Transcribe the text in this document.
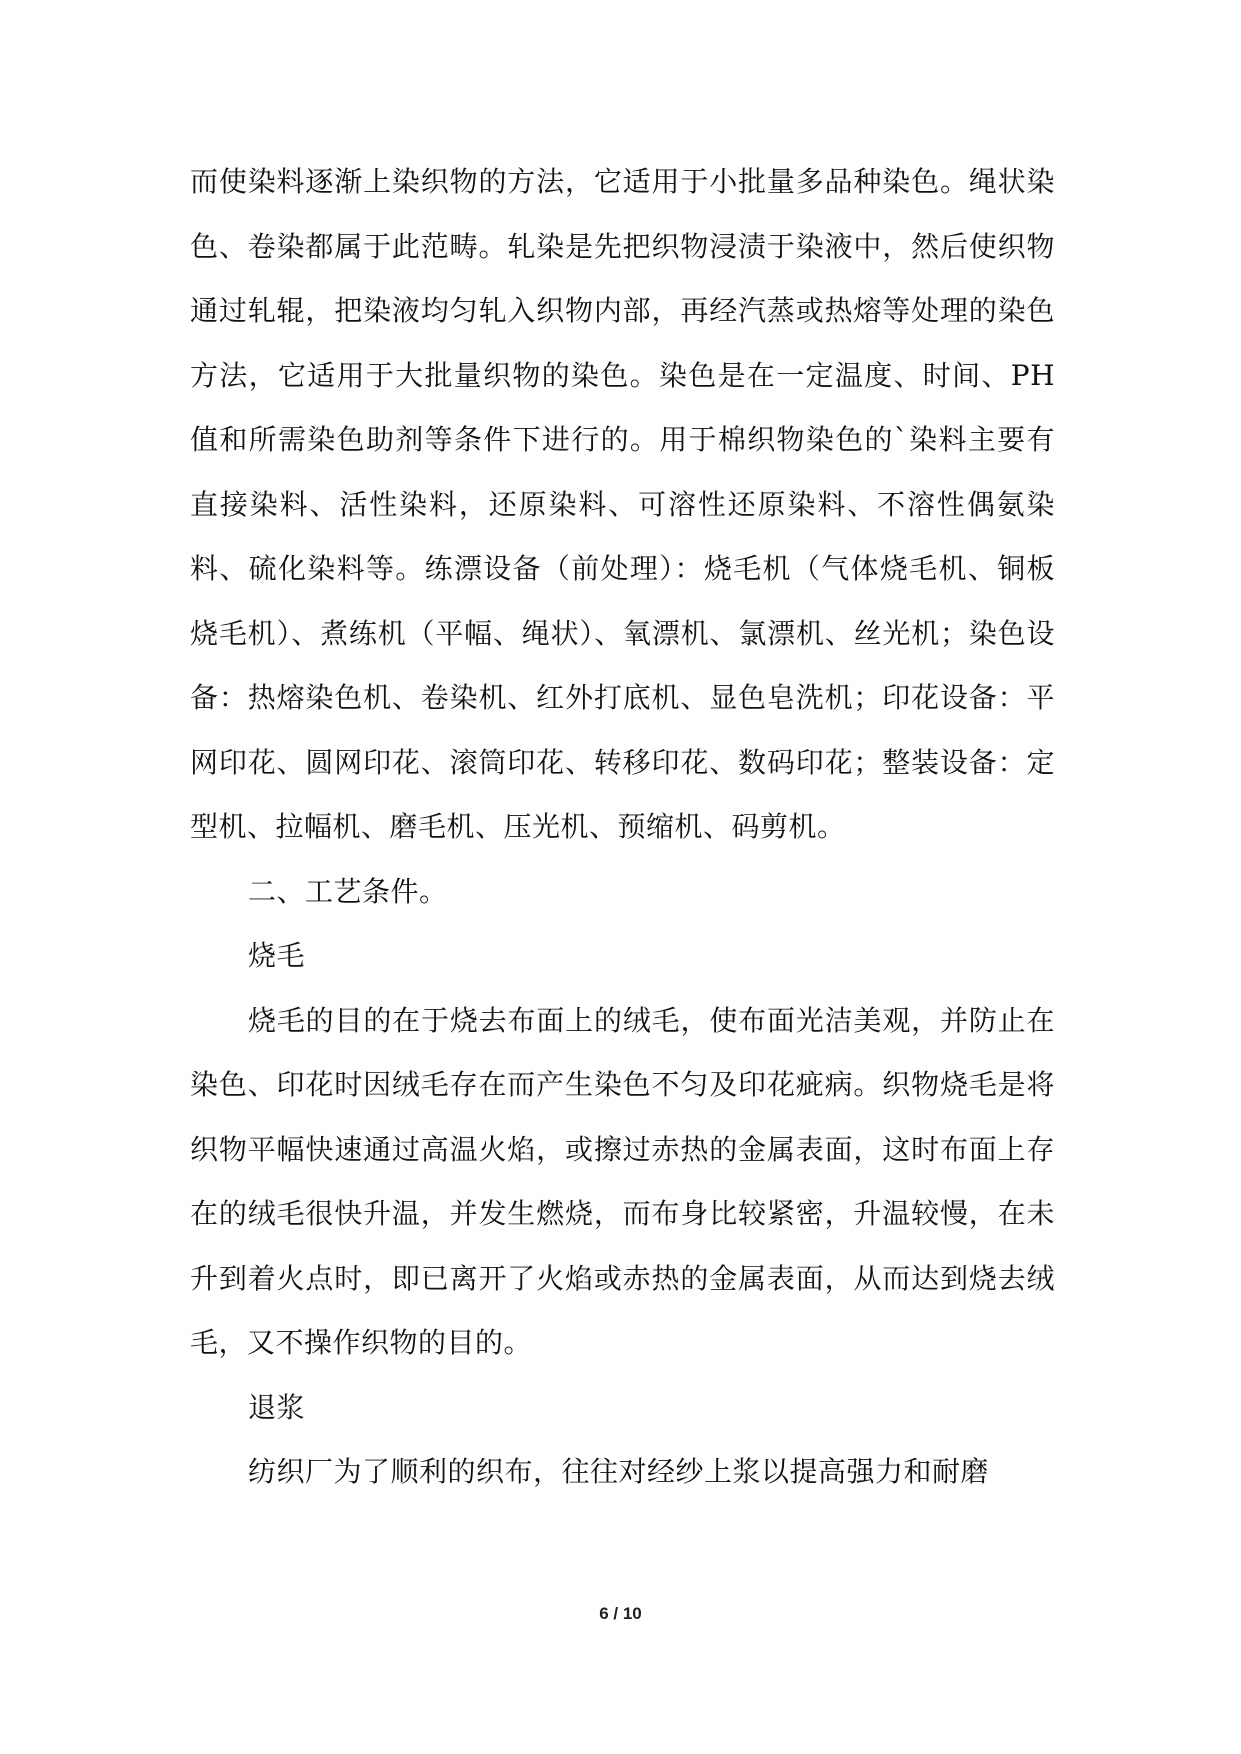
而使染料逐渐上染织物的方法，它适用于小批量多品种染色。绳状染色、卷染都属于此范畴。轧染是先把织物浸渍于染液中，然后使织物通过轧辊，把染液均匀轧入织物内部，再经汽蒸或热熔等处理的染色方法，它适用于大批量织物的染色。染色是在一定温度、时间、PH值和所需染色助剂等条件下进行的。用于棉织物染色的`染料主要有直接染料、活性染料，还原染料、可溶性还原染料、不溶性偶氨染料、硫化染料等。练漂设备（前处理）：烧毛机（气体烧毛机、铜板烧毛机）、煮练机（平幅、绳状）、氧漂机、氯漂机、丝光机；染色设备：热熔染色机、卷染机、红外打底机、显色皂洗机；印花设备：平网印花、圆网印花、滚筒印花、转移印花、数码印花；整装设备：定型机、拉幅机、磨毛机、压光机、预缩机、码剪机。

二、工艺条件。

烧毛

烧毛的目的在于烧去布面上的绒毛，使布面光洁美观，并防止在染色、印花时因绒毛存在而产生染色不匀及印花疵病。织物烧毛是将织物平幅快速通过高温火焰，或擦过赤热的金属表面，这时布面上存在的绒毛很快升温，并发生燃烧，而布身比较紧密，升温较慢，在未升到着火点时，即已离开了火焰或赤热的金属表面，从而达到烧去绒毛，又不操作织物的目的。

退浆

纺织厂为了顺利的织布，往往对经纱上浆以提高强力和耐磨

6 / 10
